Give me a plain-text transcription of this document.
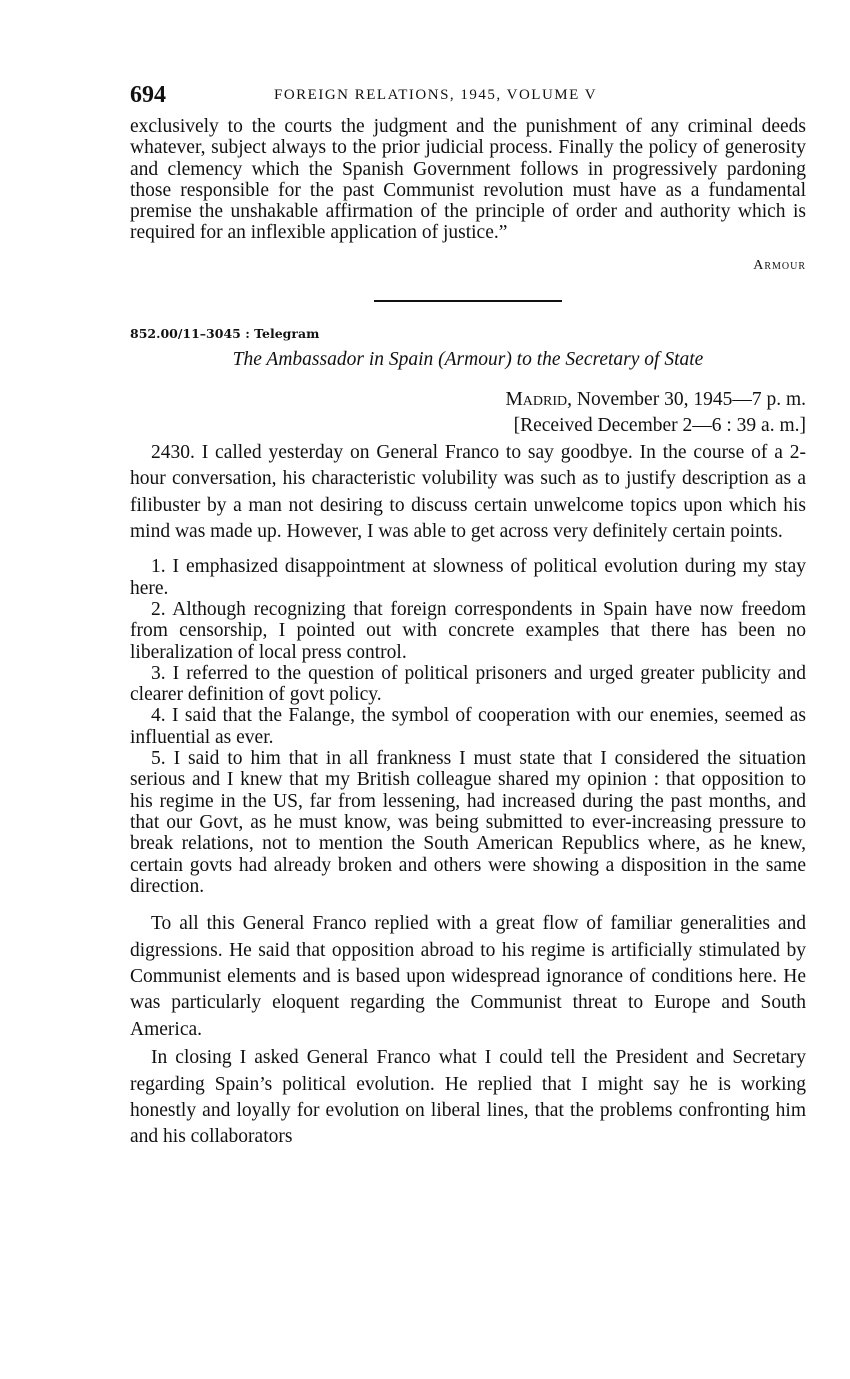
694	FOREIGN RELATIONS, 1945, VOLUME V

exclusively to the courts the judgment and the punishment of any criminal deeds whatever, subject always to the prior judicial process. Finally the policy of generosity and clemency which the Spanish Government follows in progressively pardoning those responsible for the past Communist revolution must have as a fundamental premise the unshakable affirmation of the principle of order and authority which is required for an inflexible application of justice.”

Armour
852.00/11–3045 : Telegram
The Ambassador in Spain (Armour) to the Secretary of State
Madrid, November 30, 1945—7 p. m.
[Received December 2—6 : 39 a. m.]

2430. I called yesterday on General Franco to say goodbye. In the course of a 2-hour conversation, his characteristic volubility was such as to justify description as a filibuster by a man not desiring to discuss certain unwelcome topics upon which his mind was made up. However, I was able to get across very definitely certain points.

1. I emphasized disappointment at slowness of political evolution during my stay here.

2. Although recognizing that foreign correspondents in Spain have now freedom from censorship, I pointed out with concrete examples that there has been no liberalization of local press control.

3. I referred to the question of political prisoners and urged greater publicity and clearer definition of govt policy.

4. I said that the Falange, the symbol of cooperation with our enemies, seemed as influential as ever.

5. I said to him that in all frankness I must state that I considered the situation serious and I knew that my British colleague shared my opinion : that opposition to his regime in the US, far from lessening, had increased during the past months, and that our Govt, as he must know, was being submitted to ever-increasing pressure to break relations, not to mention the South American Republics where, as he knew, certain govts had already broken and others were showing a disposition in the same direction.

To all this General Franco replied with a great flow of familiar generalities and digressions. He said that opposition abroad to his regime is artificially stimulated by Communist elements and is based upon widespread ignorance of conditions here. He was particularly eloquent regarding the Communist threat to Europe and South America.

In closing I asked General Franco what I could tell the President and Secretary regarding Spain’s political evolution. He replied that I might say he is working honestly and loyally for evolution on liberal lines, that the problems confronting him and his collaborators
